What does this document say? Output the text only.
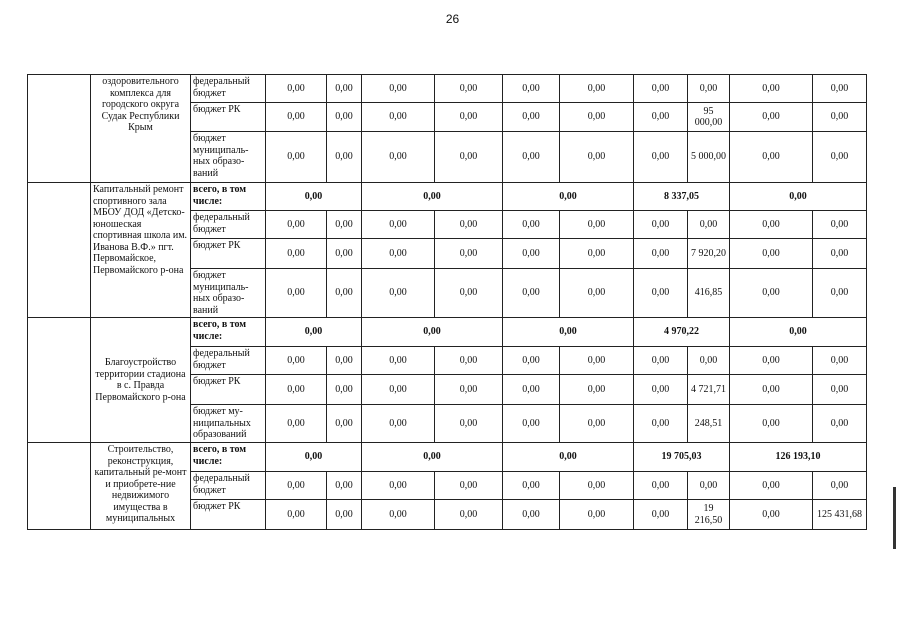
26
	оздоровительного комплекса для городского округа Судак Республики Крым	федеральный бюджет	0,00	0,00	0,00	0,00	0,00	0,00	0,00	0,00	0,00	0,00
		бюджет РК	0,00	0,00	0,00	0,00	0,00	0,00	0,00	95 000,00	0,00	0,00
		бюджет муниципаль-ных образо-ваний	0,00	0,00	0,00	0,00	0,00	0,00	0,00	5 000,00	0,00	0,00
	Капитальный ремонт спортивного зала МБОУ ДОД «Детско-юношеская спортивная школа им. Иванова В.Ф.» пгт. Первомайское, Первомайского р-она	всего, в том числе:	0,00		0,00		0,00		8 337,05		0,00	
		федеральный бюджет	0,00	0,00	0,00	0,00	0,00	0,00	0,00	0,00	0,00	0,00
		бюджет РК	0,00	0,00	0,00	0,00	0,00	0,00	0,00	7 920,20	0,00	0,00
		бюджет муниципаль-ных образо-ваний	0,00	0,00	0,00	0,00	0,00	0,00	0,00	416,85	0,00	0,00
	Благоустройство территории стадиона в с. Правда Первомайского р-она	всего, в том числе:	0,00		0,00		0,00		4 970,22		0,00	
		федеральный бюджет	0,00	0,00	0,00	0,00	0,00	0,00	0,00	0,00	0,00	0,00
		бюджет РК	0,00	0,00	0,00	0,00	0,00	0,00	0,00	4 721,71	0,00	0,00
		бюджет му-ниципальных образований	0,00	0,00	0,00	0,00	0,00	0,00	0,00	248,51	0,00	0,00
	Строительство, реконструкция, капитальный ре-монт и приобрете-ние недвижимого имущества в муниципальных	всего, в том числе:	0,00		0,00		0,00		19 705,03		126 193,10	
		федеральный бюджет	0,00	0,00	0,00	0,00	0,00	0,00	0,00	0,00	0,00	0,00
		бюджет РК	0,00	0,00	0,00	0,00	0,00	0,00	0,00	19 216,50	0,00	125 431,68
